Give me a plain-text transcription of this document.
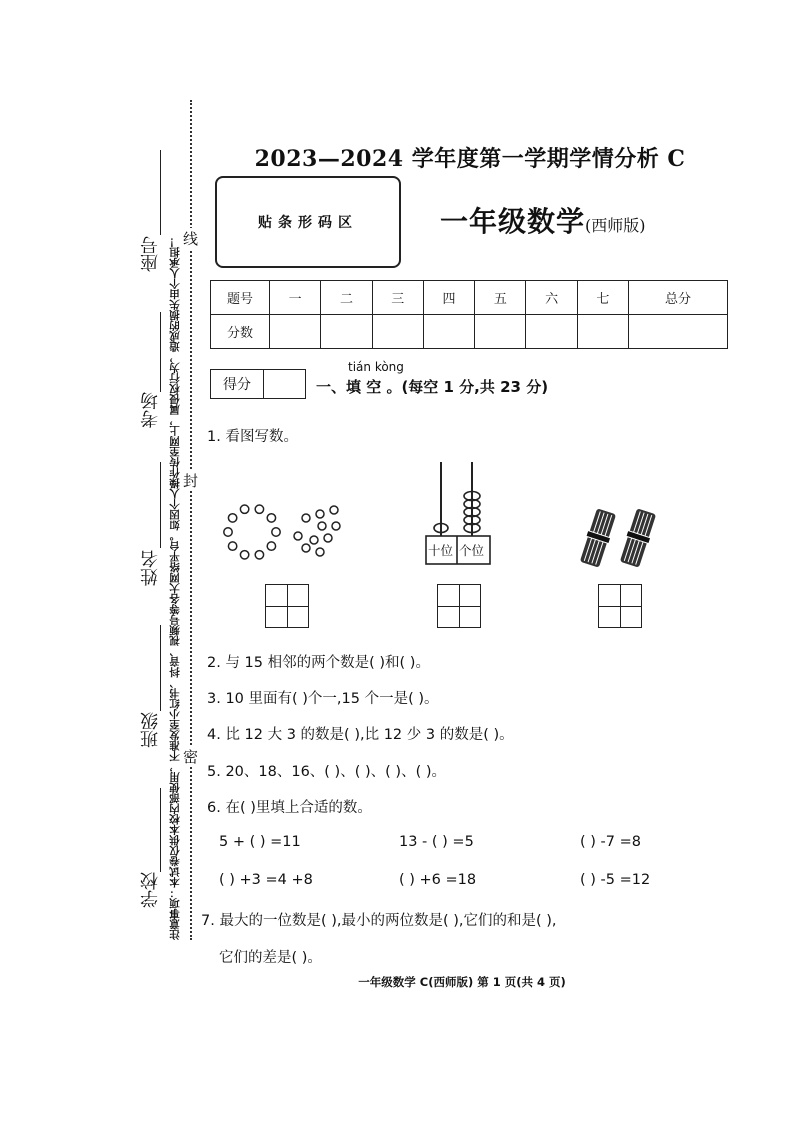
注意事项：本试卷仅供本校内部使用，不准发至小红书、抖音、视频号等各大网络平台。如因个人操作传至网上，属侵权行为，造成的损失由个人承担！ 线
封
密
座号
考场
姓名
班级
学校
2023—2024 学年度第一学期学情分析 C
贴条形码区	一年级数学(西师版)
题号	一	二	三	四	五	六	七	总分
分数								
得分
tián kòng
一、填 空 。(每空 1 分,共 23 分)
1. 看图写数。
十位 个位
2. 与 15 相邻的两个数是( )和( )。
3. 10 里面有( )个一,15 个一是( )。
4. 比 12 大 3 的数是( ),比 12 少 3 的数是( )。
5. 20、18、16、( )、( )、( )、( )。
6. 在( )里填上合适的数。
5 + ( ) =11	13 - ( ) =5	( ) -7 =8
( ) +3 =4 +8	( ) +6 =18	( ) -5 =12
7. 最大的一位数是( ),最小的两位数是( ),它们的和是( ),
它们的差是( )。
一年级数学 C(西师版) 第 1 页(共 4 页)
